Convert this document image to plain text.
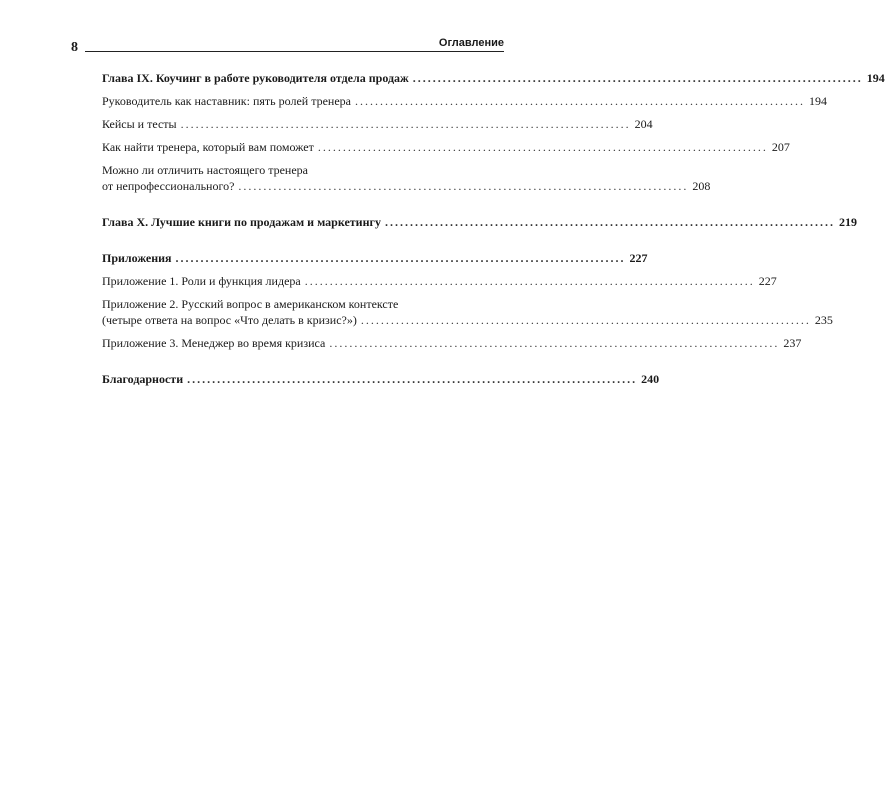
8	Оглавление
Глава IX. Коучинг в работе руководителя отдела продаж .......................................................................................... 194
Руководитель как наставник: пять ролей тренера .......................................................................................... 194
Кейсы и тесты .......................................................................................... 204
Как найти тренера, который вам поможет .......................................................................................... 207
Можно ли отличить настоящего тренера
от непрофессионального? .......................................................................................... 208
Глава X. Лучшие книги по продажам и маркетингу .......................................................................................... 219
Приложения .......................................................................................... 227
Приложение 1. Роли и функция лидера .......................................................................................... 227
Приложение 2. Русский вопрос в американском контексте
(четыре ответа на вопрос «Что делать в кризис?») .......................................................................................... 235
Приложение 3. Менеджер во время кризиса .......................................................................................... 237
Благодарности .......................................................................................... 240
